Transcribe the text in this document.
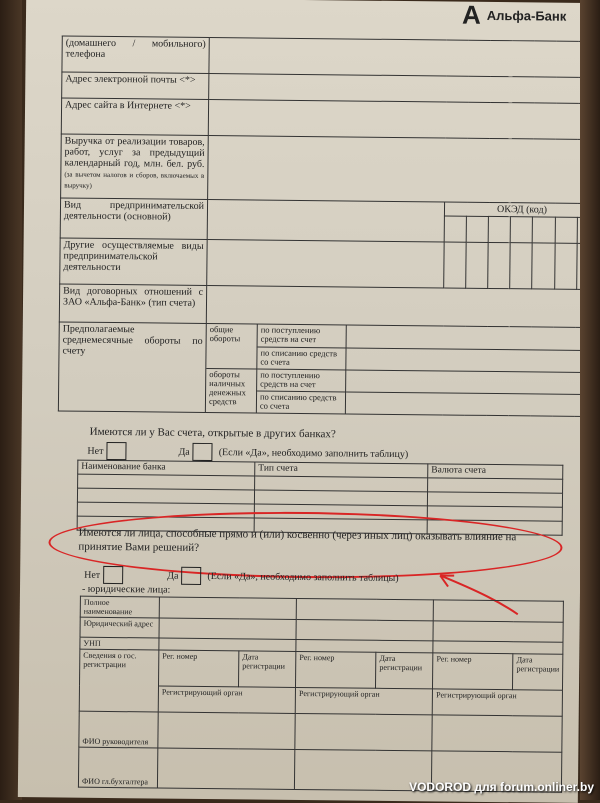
А Альфа-Банк
(домашнего / мобильного) телефона	
Адрес электронной почты <*>	
Адрес сайта в Интернете <*>	
Выручка от реализации товаров, работ, услуг за предыдущий календарный год, млн. бел. руб. (за вычетом налогов и сборов, включаемых в выручку)	
Вид предпринимательской деятельности (основной)		ОКЭД (код)

Другие осуществляемые виды предпринимательской деятельности								
Вид договорных отношений с ЗАО «Альфа-Банк» (тип счета)	
Предполагаемые среднемесячные обороты по счету	
общие обороты	по поступлению средств на счет	
по списанию средств со счета	
обороты наличных денежных средств	по поступлению средств на счет	
по списанию средств со счета	
Имеются ли у Вас счета, открытые в других банках?
Нет	Да	(Если «Да», необходимо заполнить таблицу)
Наименование банка	Тип счета	Валюта счета

Имеются ли лица, способные прямо и (или) косвенно (через иных лиц) оказывать влияние на принятие Вами решений?
Нет	Да	(Если «Да», необходимо заполнить таблицы)
- юридические лица:
Полное наименование						
Юридический адрес						
УНП						
Сведения о гос. регистрации	Рег. номер	Дата регистрации	Рег. номер	Дата регистрации	Рег. номер	Дата регистрации
	Регистрирующий орган		Регистрирующий орган		Регистрирующий орган	
ФИО руководителя						
ФИО гл.бухгалтера						
VODOROD для forum.onliner.by
